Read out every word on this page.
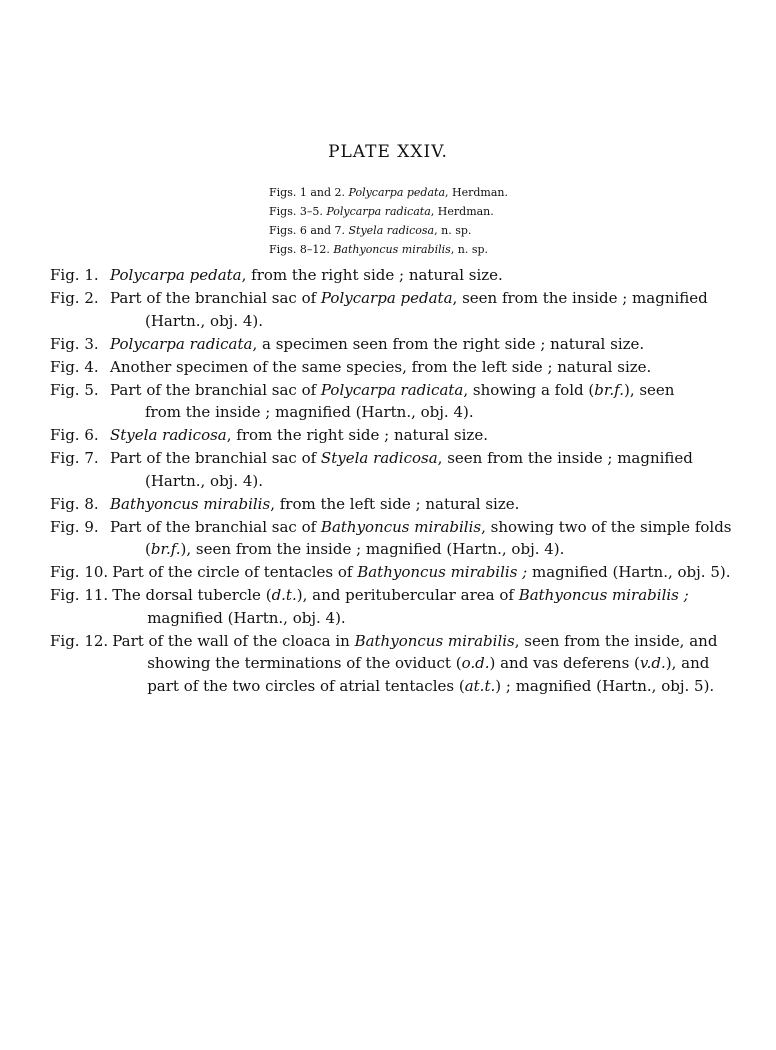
PLATE XXIV.
Figs. 1 and 2. Polycarpa pedata, Herdman.
Figs. 3–5. Polycarpa radicata, Herdman.
Figs. 6 and 7. Styela radicosa, n. sp.
Figs. 8–12. Bathyoncus mirabilis, n. sp.
Fig. 1. Polycarpa pedata, from the right side ; natural size.
Fig. 2. Part of the branchial sac of Polycarpa pedata, seen from the inside ; magnified
(Hartn., obj. 4).
Fig. 3. Polycarpa radicata, a specimen seen from the right side ; natural size.
Fig. 4. Another specimen of the same species, from the left side ; natural size.
Fig. 5. Part of the branchial sac of Polycarpa radicata, showing a fold (br.f.), seen
from the inside ; magnified (Hartn., obj. 4).
Fig. 6. Styela radicosa, from the right side ; natural size.
Fig. 7. Part of the branchial sac of Styela radicosa, seen from the inside ; magnified
(Hartn., obj. 4).
Fig. 8. Bathyoncus mirabilis, from the left side ; natural size.
Fig. 9. Part of the branchial sac of Bathyoncus mirabilis, showing two of the simple folds
(br.f.), seen from the inside ; magnified (Hartn., obj. 4).
Fig. 10. Part of the circle of tentacles of Bathyoncus mirabilis ; magnified (Hartn., obj. 5).
Fig. 11. The dorsal tubercle (d.t.), and peritubercular area of Bathyoncus mirabilis ;
magnified (Hartn., obj. 4).
Fig. 12. Part of the wall of the cloaca in Bathyoncus mirabilis, seen from the inside, and
showing the terminations of the oviduct (o.d.) and vas deferens (v.d.), and
part of the two circles of atrial tentacles (at.t.) ; magnified (Hartn., obj. 5).
